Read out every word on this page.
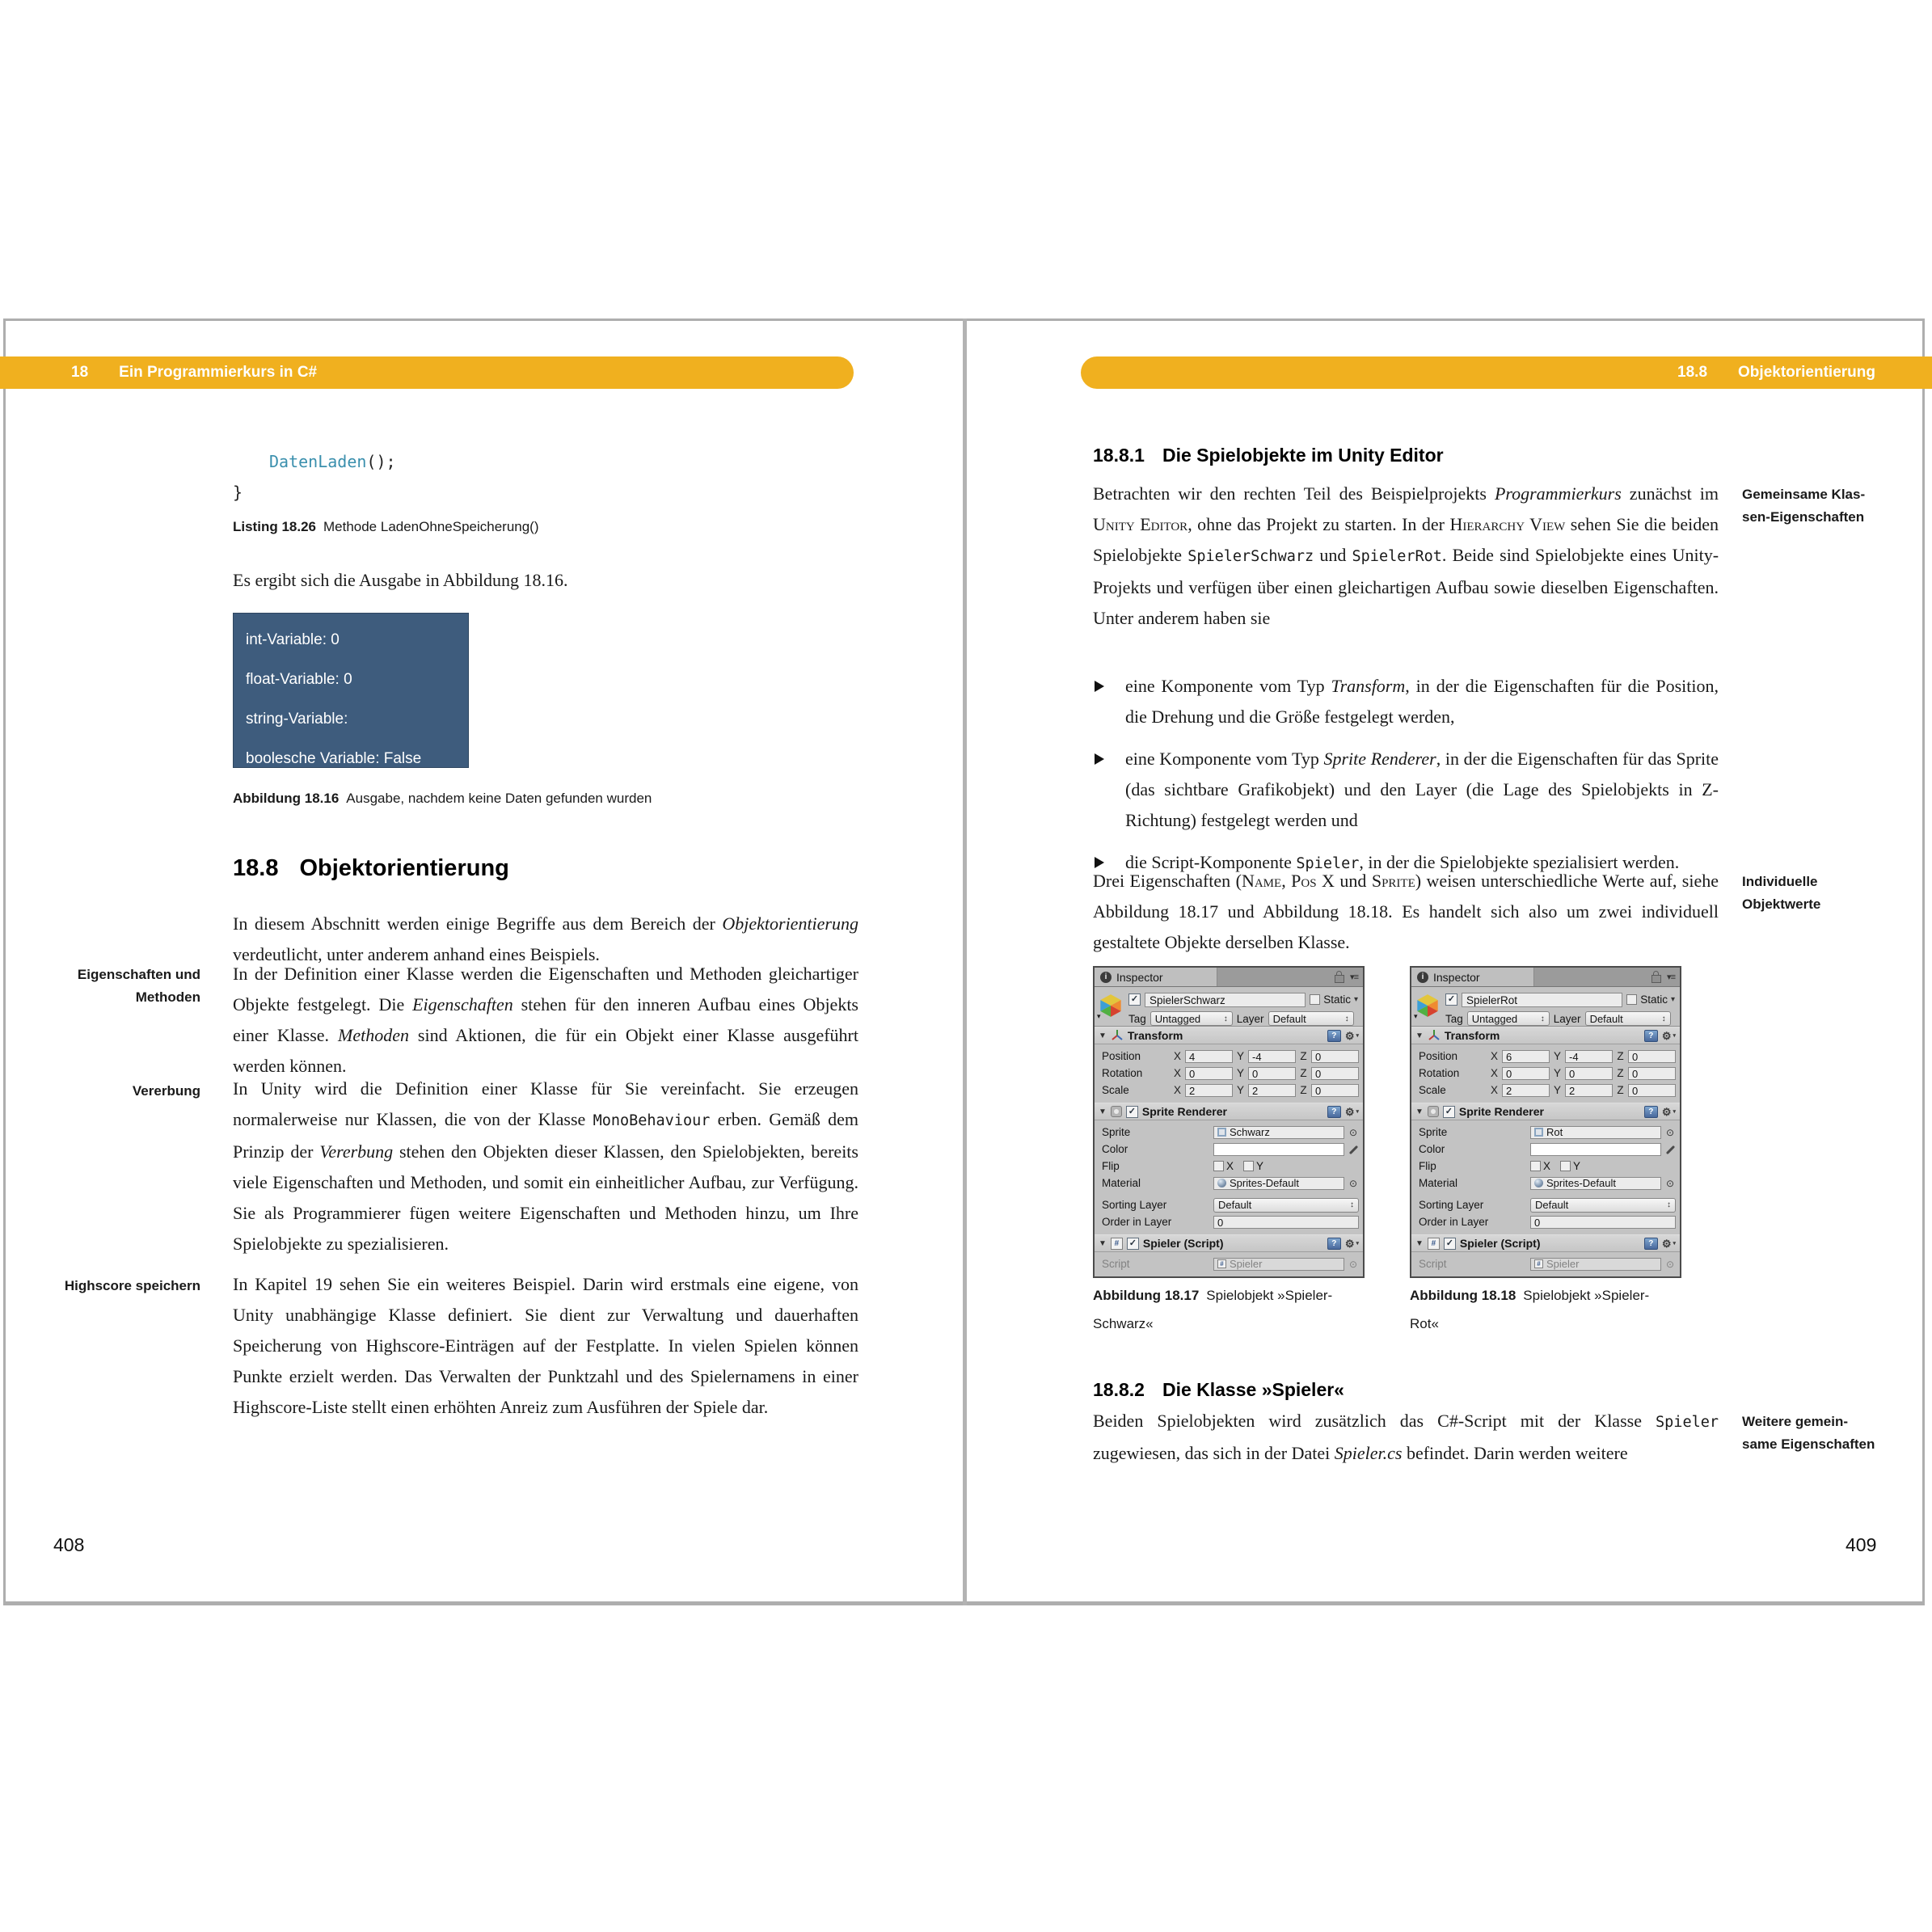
18 Ein Programmierkurs in C#
DatenLaden();
}
Listing 18.26 Methode LadenOhneSpeicherung()
Es ergibt sich die Ausgabe in Abbildung 18.16.
int-Variable: 0
float-Variable: 0
string-Variable:
boolesche Variable: False
Abbildung 18.16 Ausgabe, nachdem keine Daten gefunden wurden
18.8 Objektorientierung
In diesem Abschnitt werden einige Begriffe aus dem Bereich der Objektorientierung verdeutlicht, unter anderem anhand eines Beispiels.
Eigenschaften und
Methoden
In der Definition einer Klasse werden die Eigenschaften und Methoden gleichartiger Objekte festgelegt. Die Eigenschaften stehen für den inneren Aufbau eines Objekts einer Klasse. Methoden sind Aktionen, die für ein Objekt einer Klasse ausgeführt werden können.
Vererbung In Unity wird die Definition einer Klasse für Sie vereinfacht. Sie erzeugen normalerweise nur Klassen, die von der Klasse MonoBehaviour erben. Gemäß dem Prinzip der Vererbung stehen den Objekten dieser Klassen, den Spielobjekten, bereits viele Eigenschaften und Methoden, und somit ein einheitlicher Aufbau, zur Verfügung. Sie als Programmierer fügen weitere Eigenschaften und Methoden hinzu, um Ihre Spielobjekte zu spezialisieren.
Highscore speichern In Kapitel 19 sehen Sie ein weiteres Beispiel. Darin wird erstmals eine eigene, von Unity unabhängige Klasse definiert. Sie dient zur Verwaltung und dauerhaften Speicherung von Highscore-Einträgen auf der Festplatte. In vielen Spielen können Punkte erzielt werden. Das Verwalten der Punktzahl und des Spielernamens in einer Highscore-Liste stellt einen erhöhten Anreiz zum Ausführen der Spiele dar.
408
18.8 Objektorientierung
18.8.1 Die Spielobjekte im Unity Editor
Gemeinsame Klas-
sen-Eigenschaften
Betrachten wir den rechten Teil des Beispielprojekts Programmierkurs zunächst im Unity Editor, ohne das Projekt zu starten. In der Hierarchy View sehen Sie die beiden Spielobjekte SpielerSchwarz und SpielerRot. Beide sind Spielobjekte eines Unity-Projekts und verfügen über einen gleichartigen Aufbau sowie dieselben Eigenschaften. Unter anderem haben sie
eine Komponente vom Typ Transform, in der die Eigenschaften für die Position, die Drehung und die Größe festgelegt werden,
eine Komponente vom Typ Sprite Renderer, in der die Eigenschaften für das Sprite (das sichtbare Grafikobjekt) und den Layer (die Lage des Spielobjekts in Z-Richtung) festgelegt werden und
die Script-Komponente Spieler, in der die Spielobjekte spezialisiert werden.
Individuelle
Objektwerte
Drei Eigenschaften (Name, Pos X und Sprite) weisen unterschiedliche Werte auf, siehe Abbildung 18.17 und Abbildung 18.18. Es handelt sich also um zwei individuell gestaltete Objekte derselben Klasse.
i Inspector	▾≡
▾
✓	SpielerSchwarz	Static ▾
Tag Untagged	↕ Layer Default	↕
▼ Transform	? ⚙ ▾
Position	X 4	Y -4	Z 0
Rotation	X 0	Y 0	Z 0
Scale	X 2	Y 2	Z 0
▼ ✓ Sprite Renderer	? ⚙ ▾
Sprite	Schwarz	⊙
Color
Flip	X Y
Material	Sprites-Default	⊙
Sorting Layer	Default	↕
Order in Layer	0
▼ #	✓ Spieler (Script)	? ⚙ ▾
Script	# Spieler	⊙
i Inspector	▾≡
▾
✓	SpielerRot	Static ▾
Tag Untagged	↕ Layer Default	↕
▼ Transform	? ⚙ ▾
Position	X 6	Y -4	Z 0
Rotation	X 0	Y 0	Z 0
Scale	X 2	Y 2	Z 0
▼ ✓ Sprite Renderer	? ⚙ ▾
Sprite	Rot	⊙
Color
Flip	X Y
Material	Sprites-Default	⊙
Sorting Layer	Default	↕
Order in Layer	0
▼ #	✓ Spieler (Script)	? ⚙ ▾
Script	# Spieler	⊙
Abbildung 18.17 Spielobjekt »Spieler-
Schwarz«
Abbildung 18.18 Spielobjekt »Spieler-
Rot«
18.8.2 Die Klasse »Spieler«
Weitere gemein-
same Eigenschaften
Beiden Spielobjekten wird zusätzlich das C#-Script mit der Klasse Spieler zugewiesen, das sich in der Datei Spieler.cs befindet. Darin werden weitere
409
